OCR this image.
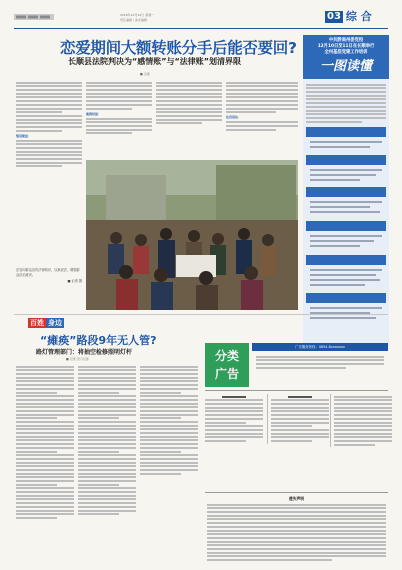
2018年12月10日 星期一
责任编辑 / 美术编辑	03 综 合
恋爱期间大额转账分手后能否要回?
长顺县法院判决为“感情账”与“法律账”划清界限
■ 记者
情况简述：
案例回放：
法官说法：
法官向群众宣传法律知识，以案说法，增强群众法治意识。
■ 记者 摄
中共黔南州委党校
12月10日至11日在长顺举行
全州基层党建工作培训
一图读懂
百姓 身边
“瘫痪”路段9年无人管?
路灯管理部门：将抽空检修照明灯杆
■ 记者 见习记者	分类
广告
广告服务热线：0854-8xxxxxxx
遗失声明
